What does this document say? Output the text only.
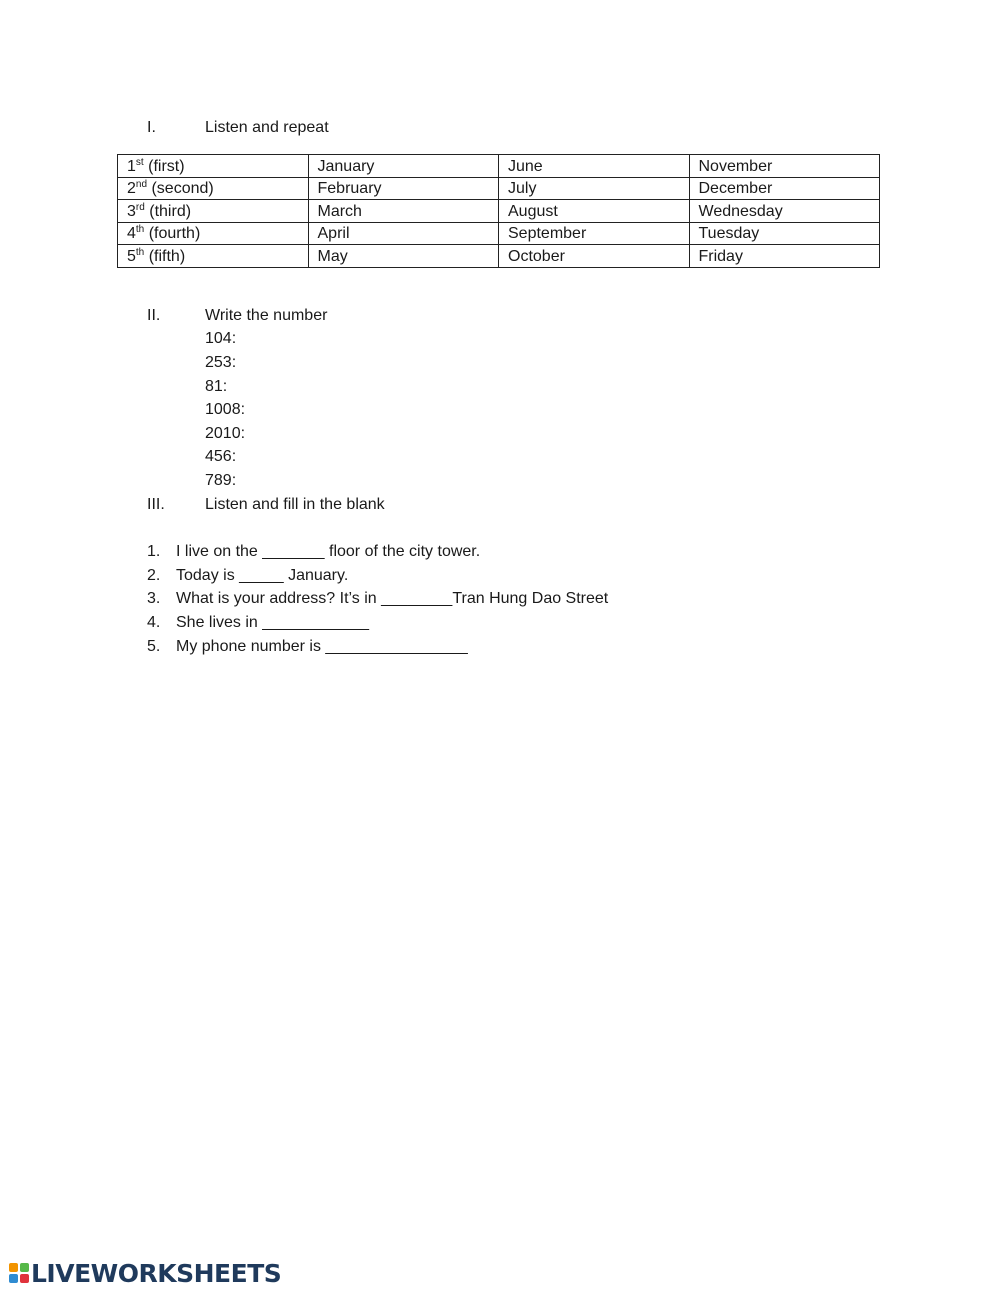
I.	Listen and repeat
1st (first)	January	June	November
2nd (second)	February	July	December
3rd (third)	March	August	Wednesday
4th (fourth)	April	September	Tuesday
5th (fifth)	May	October	Friday
II.	Write the number
104:
253:
81:
1008:
2010:
456:
789:
III.	Listen and fill in the blank
1. I live on the _______ floor of the city tower.
2. Today is _____ January.
3. What is your address? It’s in ________Tran Hung Dao Street
4. She lives in ____________
5. My phone number is ________________
LIVEWORKSHEETS
